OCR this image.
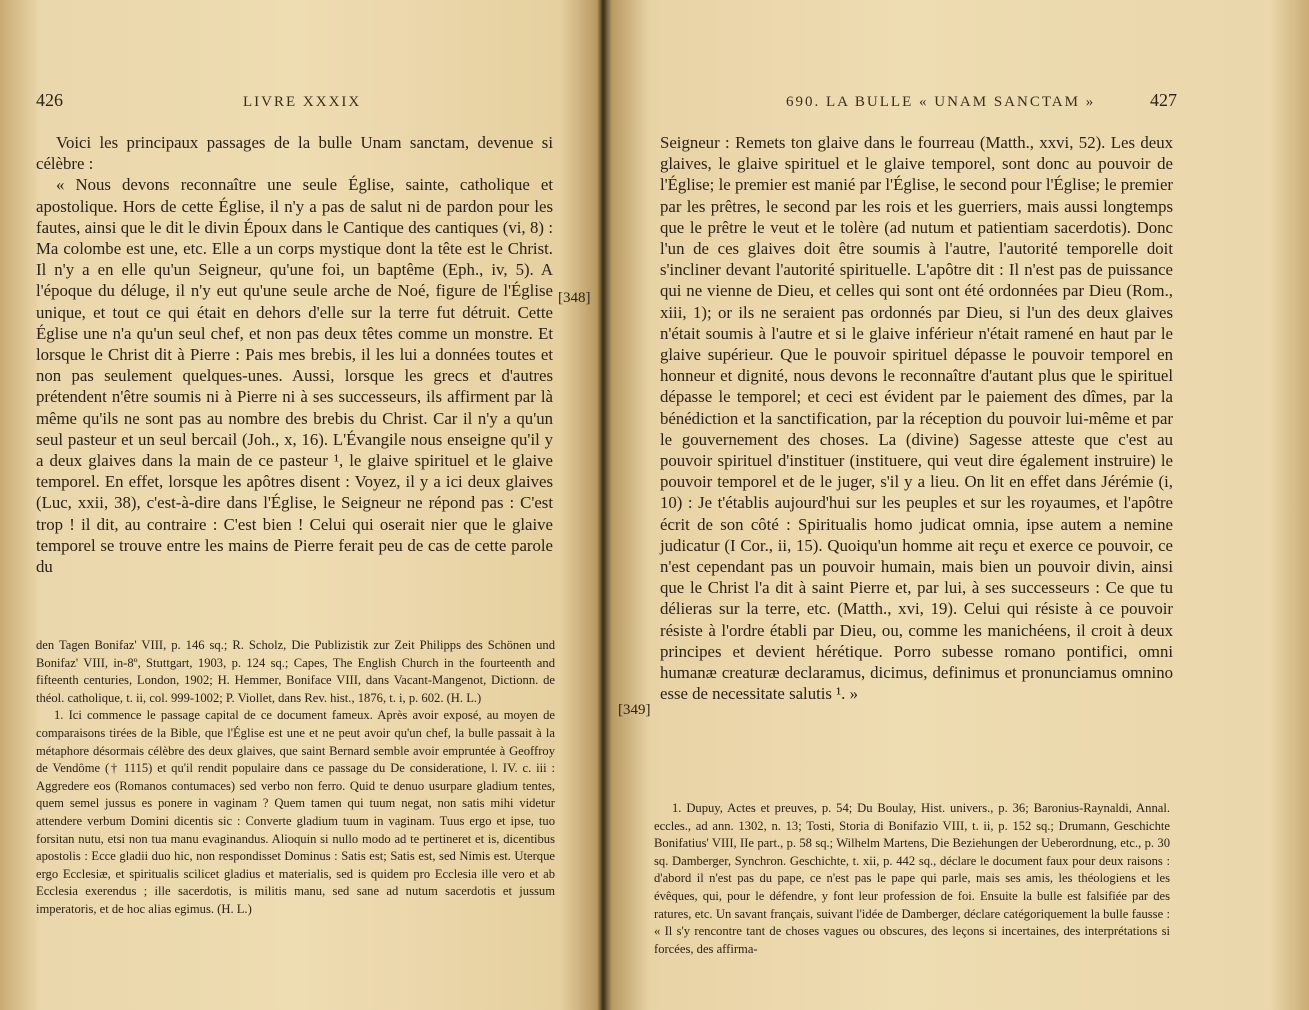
426	LIVRE XXXIX
[348]

Voici les principaux passages de la bulle Unam sanctam, devenue si célèbre :

« Nous devons reconnaître une seule Église, sainte, catholique et apostolique. Hors de cette Église, il n'y a pas de salut ni de pardon pour les fautes, ainsi que le dit le divin Époux dans le Cantique des cantiques (vi, 8) : Ma colombe est une, etc. Elle a un corps mystique dont la tête est le Christ. Il n'y a en elle qu'un Seigneur, qu'une foi, un baptême (Eph., iv, 5). A l'époque du déluge, il n'y eut qu'une seule arche de Noé, figure de l'Église unique, et tout ce qui était en dehors d'elle sur la terre fut détruit. Cette Église une n'a qu'un seul chef, et non pas deux têtes comme un monstre. Et lorsque le Christ dit à Pierre : Pais mes brebis, il les lui a données toutes et non pas seulement quelques-unes. Aussi, lorsque les grecs et d'autres prétendent n'être soumis ni à Pierre ni à ses successeurs, ils affirment par là même qu'ils ne sont pas au nombre des brebis du Christ. Car il n'y a qu'un seul pasteur et un seul bercail (Joh., x, 16). L'Évangile nous enseigne qu'il y a deux glaives dans la main de ce pasteur ¹, le glaive spirituel et le glaive temporel. En effet, lorsque les apôtres disent : Voyez, il y a ici deux glaives (Luc, xxii, 38), c'est-à-dire dans l'Église, le Seigneur ne répond pas : C'est trop ! il dit, au contraire : C'est bien ! Celui qui oserait nier que le glaive temporel se trouve entre les mains de Pierre ferait peu de cas de cette parole du

den Tagen Bonifaz' VIII, p. 146 sq.; R. Scholz, Die Publizistik zur Zeit Philipps des Schönen und Bonifaz' VIII, in-8º, Stuttgart, 1903, p. 124 sq.; Capes, The English Church in the fourteenth and fifteenth centuries, London, 1902; H. Hemmer, Boniface VIII, dans Vacant-Mangenot, Dictionn. de théol. catholique, t. ii, col. 999-1002; P. Viollet, dans Rev. hist., 1876, t. i, p. 602. (H. L.)

1. Ici commence le passage capital de ce document fameux. Après avoir exposé, au moyen de comparaisons tirées de la Bible, que l'Église est une et ne peut avoir qu'un chef, la bulle passait à la métaphore désormais célèbre des deux glaives, que saint Bernard semble avoir empruntée à Geoffroy de Vendôme († 1115) et qu'il rendit populaire dans ce passage du De consideratione, l. IV. c. iii : Aggredere eos (Romanos contumaces) sed verbo non ferro. Quid te denuo usurpare gladium tentes, quem semel jussus es ponere in vaginam ? Quem tamen qui tuum negat, non satis mihi videtur attendere verbum Domini dicentis sic : Converte gladium tuum in vaginam. Tuus ergo et ipse, tuo forsitan nutu, etsi non tua manu evaginandus. Alioquin si nullo modo ad te pertineret et is, dicentibus apostolis : Ecce gladii duo hic, non respondisset Dominus : Satis est; Satis est, sed Nimis est. Uterque ergo Ecclesiæ, et spiritualis scilicet gladius et materialis, sed is quidem pro Ecclesia ille vero et ab Ecclesia exerendus ; ille sacerdotis, is militis manu, sed sane ad nutum sacerdotis et jussum imperatoris, et de hoc alias egimus. (H. L.)

690. LA BULLE « UNAM SANCTAM »	427
[349]

Seigneur : Remets ton glaive dans le fourreau (Matth., xxvi, 52). Les deux glaives, le glaive spirituel et le glaive temporel, sont donc au pouvoir de l'Église; le premier est manié par l'Église, le second pour l'Église; le premier par les prêtres, le second par les rois et les guerriers, mais aussi longtemps que le prêtre le veut et le tolère (ad nutum et patientiam sacerdotis). Donc l'un de ces glaives doit être soumis à l'autre, l'autorité temporelle doit s'incliner devant l'autorité spirituelle. L'apôtre dit : Il n'est pas de puissance qui ne vienne de Dieu, et celles qui sont ont été ordonnées par Dieu (Rom., xiii, 1); or ils ne seraient pas ordonnés par Dieu, si l'un des deux glaives n'était soumis à l'autre et si le glaive inférieur n'était ramené en haut par le glaive supérieur. Que le pouvoir spirituel dépasse le pouvoir temporel en honneur et dignité, nous devons le reconnaître d'autant plus que le spirituel dépasse le temporel; et ceci est évident par le paiement des dîmes, par la bénédiction et la sanctification, par la réception du pouvoir lui-même et par le gouvernement des choses. La (divine) Sagesse atteste que c'est au pouvoir spirituel d'instituer (instituere, qui veut dire également instruire) le pouvoir temporel et de le juger, s'il y a lieu. On lit en effet dans Jérémie (i, 10) : Je t'établis aujourd'hui sur les peuples et sur les royaumes, et l'apôtre écrit de son côté : Spiritualis homo judicat omnia, ipse autem a nemine judicatur (I Cor., ii, 15). Quoiqu'un homme ait reçu et exerce ce pouvoir, ce n'est cependant pas un pouvoir humain, mais bien un pouvoir divin, ainsi que le Christ l'a dit à saint Pierre et, par lui, à ses successeurs : Ce que tu délieras sur la terre, etc. (Matth., xvi, 19). Celui qui résiste à ce pouvoir résiste à l'ordre établi par Dieu, ou, comme les manichéens, il croit à deux principes et devient hérétique. Porro subesse romano pontifici, omni humanæ creaturæ declaramus, dicimus, definimus et pronunciamus omnino esse de necessitate salutis ¹. »

1. Dupuy, Actes et preuves, p. 54; Du Boulay, Hist. univers., p. 36; Baronius-Raynaldi, Annal. eccles., ad ann. 1302, n. 13; Tosti, Storia di Bonifazio VIII, t. ii, p. 152 sq.; Drumann, Geschichte Bonifatius' VIII, IIe part., p. 58 sq.; Wilhelm Martens, Die Beziehungen der Ueberordnung, etc., p. 30 sq. Damberger, Synchron. Geschichte, t. xii, p. 442 sq., déclare le document faux pour deux raisons : d'abord il n'est pas du pape, ce n'est pas le pape qui parle, mais ses amis, les théologiens et les évêques, qui, pour le défendre, y font leur profession de foi. Ensuite la bulle est falsifiée par des ratures, etc. Un savant français, suivant l'idée de Damberger, déclare catégoriquement la bulle fausse : « Il s'y rencontre tant de choses vagues ou obscures, des leçons si incertaines, des interprétations si forcées, des affirma-
